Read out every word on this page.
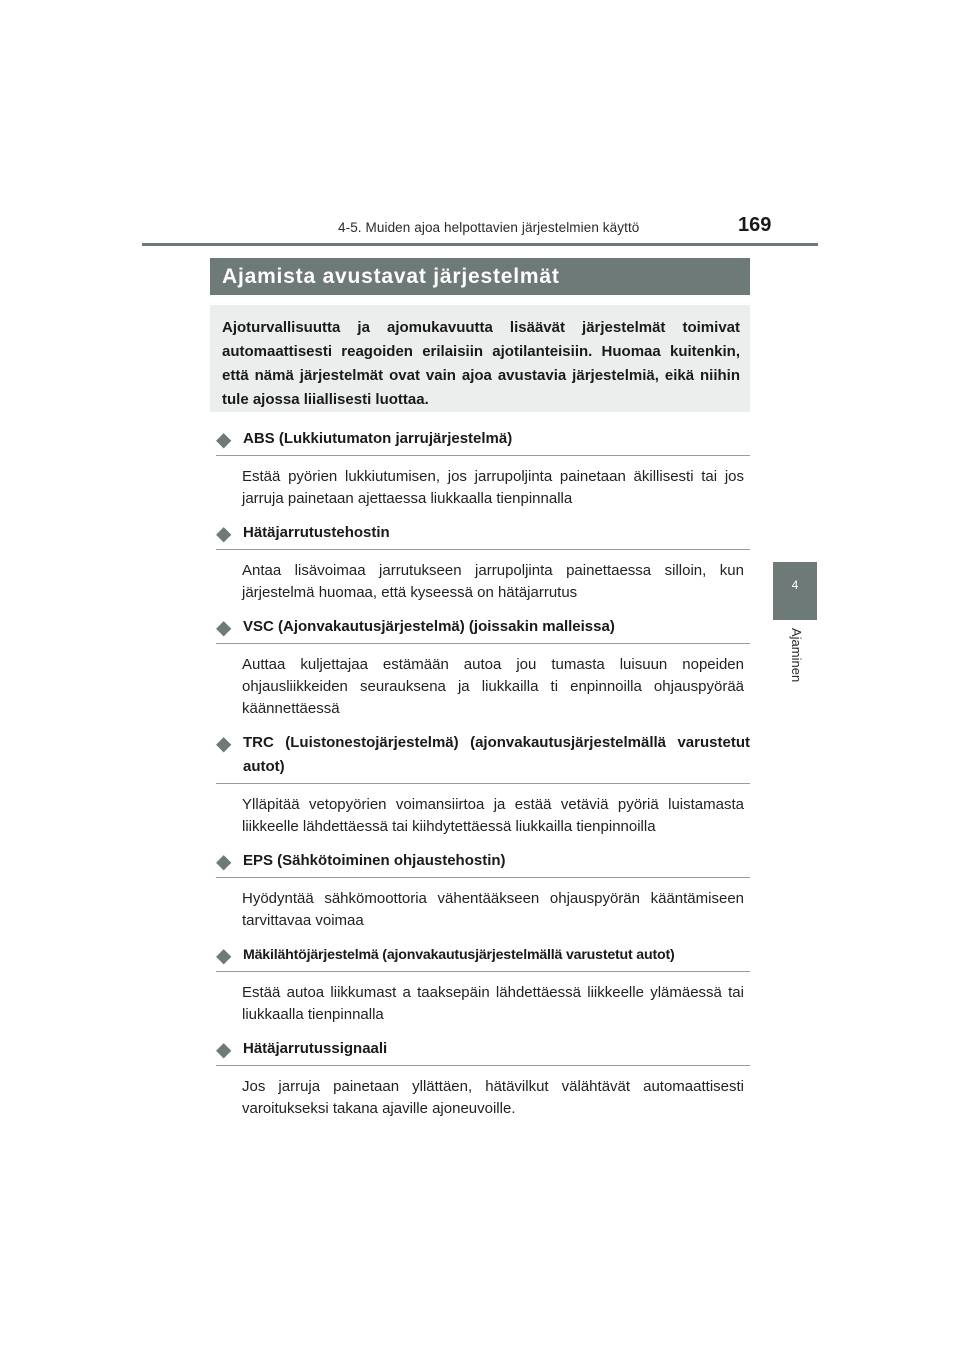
4-5. Muiden ajoa helpottavien järjestelmien käyttö	169
4
Ajaminen
Ajamista avustavat järjestelmät
Ajoturvallisuutta ja ajomukavuutta lisäävät järjestelmät toimivat automaattisesti reagoiden erilaisiin ajotilanteisiin. Huomaa kuitenkin, että nämä järjestelmät ovat vain ajoa avustavia järjestelmiä, eikä niihin tule ajossa liiallisesti luottaa.
◆ ABS (Lukkiutumaton jarrujärjestelmä)
Estää pyörien lukkiutumisen, jos jarrupoljinta painetaan äkillisesti tai jos jarruja painetaan ajettaessa liukkaalla tienpinnalla
◆ Hätäjarrutustehostin
Antaa lisävoimaa jarrutukseen jarrupoljinta painettaessa silloin, kun järjestelmä huomaa, että kyseessä on hätäjarrutus
◆ VSC (Ajonvakautusjärjestelmä) (joissakin malleissa)
Auttaa kuljettajaa estämään autoa jou tumasta luisuun nopeiden ohjausliikkeiden seurauksena ja liukkailla ti enpinnoilla ohjauspyörää käännettäessä
◆ TRC (Luistonestojärjestelmä) (ajonvakautusjärjestelmällä varustetut autot)
Ylläpitää vetopyörien voimansiirtoa ja estää vetäviä pyöriä luistamasta liikkeelle lähdettäessä tai kiihdytettäessä liukkailla tienpinnoilla
◆ EPS (Sähkötoiminen ohjaustehostin)
Hyödyntää sähkömoottoria vähentääkseen ohjauspyörän kääntämiseen tarvittavaa voimaa
◆ Mäkilähtöjärjestelmä (ajonvakautusjärjestelmällä varustetut autot)
Estää autoa liikkumast a taaksepäin lähdettäessä liikkeelle ylämäessä tai liukkaalla tienpinnalla
◆ Hätäjarrutussignaali
Jos jarruja painetaan yllättäen, hätävilkut välähtävät automaattisesti varoitukseksi takana ajaville ajoneuvoille.
